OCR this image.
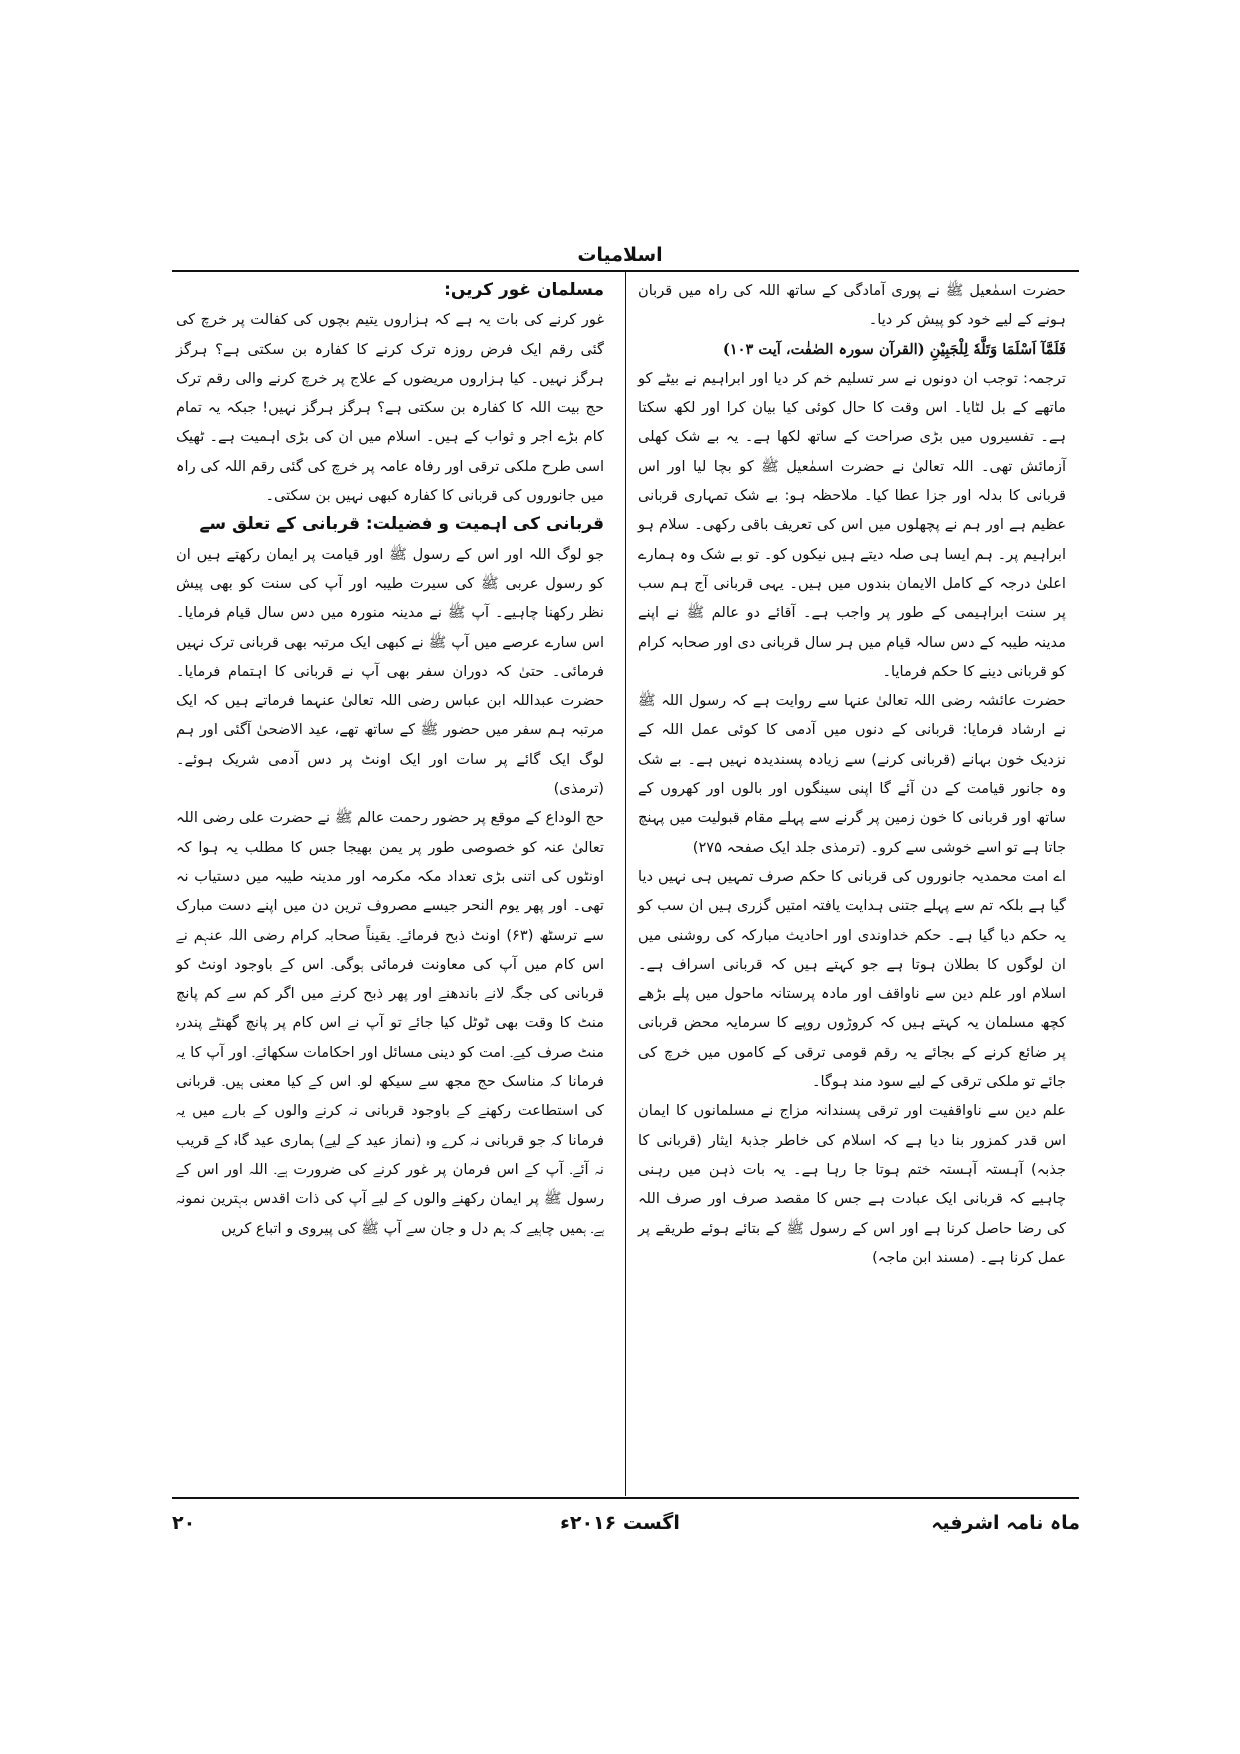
اسلامیات

حضرت اسمٰعیل ﷺ نے پوری آمادگی کے ساتھ اللہ کی راہ میں قربان ہونے کے لیے خود کو پیش کر دیا۔

فَلَمَّآ اَسْلَمَا وَتَلَّهٗ لِلْجَبِيْنِ (القرآن سورہ الصٰفٰت، آیت ۱۰۳)

ترجمہ: توجب ان دونوں نے سر تسلیم خم کر دیا اور ابراہیم نے بیٹے کو ماتھے کے بل لٹایا۔ اس وقت کا حال کوئی کیا بیان کرا اور لکھ سکتا ہے۔ تفسیروں میں بڑی صراحت کے ساتھ لکھا ہے۔ یہ بے شک کھلی آزمائش تھی۔ اللہ تعالیٰ نے حضرت اسمٰعیل ﷺ کو بچا لیا اور اس قربانی کا بدلہ اور جزا عطا کیا۔ ملاحظہ ہو: بے شک تمہاری قربانی عظیم ہے اور ہم نے پچھلوں میں اس کی تعریف باقی رکھی۔ سلام ہو ابراہیم پر۔ ہم ایسا ہی صلہ دیتے ہیں نیکوں کو۔ تو بے شک وہ ہمارے اعلیٰ درجہ کے کامل الایمان بندوں میں ہیں۔ یہی قربانی آج ہم سب پر سنت ابراہیمی کے طور پر واجب ہے۔ آقائے دو عالم ﷺ نے اپنے مدینہ طیبہ کے دس سالہ قیام میں ہر سال قربانی دی اور صحابہ کرام کو قربانی دینے کا حکم فرمایا۔

حضرت عائشہ رضی اللہ تعالیٰ عنہا سے روایت ہے کہ رسول اللہ ﷺ نے ارشاد فرمایا: قربانی کے دنوں میں آدمی کا کوئی عمل اللہ کے نزدیک خون بہانے (قربانی کرنے) سے زیادہ پسندیدہ نہیں ہے۔ بے شک وہ جانور قیامت کے دن آئے گا اپنی سینگوں اور بالوں اور کھروں کے ساتھ اور قربانی کا خون زمین پر گرنے سے پہلے مقام قبولیت میں پہنچ جاتا ہے تو اسے خوشی سے کرو۔ (ترمذی جلد ایک صفحہ ۲۷۵)

اے امت محمدیہ جانوروں کی قربانی کا حکم صرف تمہیں ہی نہیں دیا گیا ہے بلکہ تم سے پہلے جتنی ہدایت یافتہ امتیں گزری ہیں ان سب کو یہ حکم دیا گیا ہے۔ حکم خداوندی اور احادیث مبارکہ کی روشنی میں ان لوگوں کا بطلان ہوتا ہے جو کہتے ہیں کہ قربانی اسراف ہے۔ اسلام اور علم دین سے ناواقف اور مادہ پرستانہ ماحول میں پلے بڑھے کچھ مسلمان یہ کہتے ہیں کہ کروڑوں روپے کا سرمایہ محض قربانی پر ضائع کرنے کے بجائے یہ رقم قومی ترقی کے کاموں میں خرچ کی جائے تو ملکی ترقی کے لیے سود مند ہوگا۔

علم دین سے ناواقفیت اور ترقی پسندانہ مزاج نے مسلمانوں کا ایمان اس قدر کمزور بنا دیا ہے کہ اسلام کی خاطر جذبۂ ایثار (قربانی کا جذبہ) آہستہ آہستہ ختم ہوتا جا رہا ہے۔ یہ بات ذہن میں رہنی چاہیے کہ قربانی ایک عبادت ہے جس کا مقصد صرف اور صرف اللہ کی رضا حاصل کرنا ہے اور اس کے رسول ﷺ کے بتائے ہوئے طریقے پر عمل کرنا ہے۔ (مسند ابن ماجہ)

مسلمان غور کریں:

غور کرنے کی بات یہ ہے کہ ہزاروں یتیم بچوں کی کفالت پر خرچ کی گئی رقم ایک فرض روزہ ترک کرنے کا کفارہ بن سکتی ہے؟ ہرگز ہرگز نہیں۔ کیا ہزاروں مریضوں کے علاج پر خرچ کرنے والی رقم ترک حج بیت اللہ کا کفارہ بن سکتی ہے؟ ہرگز ہرگز نہیں! جبکہ یہ تمام کام بڑے اجر و ثواب کے ہیں۔ اسلام میں ان کی بڑی اہمیت ہے۔ ٹھیک اسی طرح ملکی ترقی اور رفاہ عامہ پر خرچ کی گئی رقم اللہ کی راہ میں جانوروں کی قربانی کا کفارہ کبھی نہیں بن سکتی۔

قربانی کی اہمیت و فضیلت: قربانی کے تعلق سے

جو لوگ اللہ اور اس کے رسول ﷺ اور قیامت پر ایمان رکھتے ہیں ان کو رسول عربی ﷺ کی سیرت طیبہ اور آپ کی سنت کو بھی پیش نظر رکھنا چاہیے۔ آپ ﷺ نے مدینہ منورہ میں دس سال قیام فرمایا۔ اس سارے عرصے میں آپ ﷺ نے کبھی ایک مرتبہ بھی قربانی ترک نہیں فرمائی۔ حتیٰ کہ دوران سفر بھی آپ نے قربانی کا اہتمام فرمایا۔ حضرت عبداللہ ابن عباس رضی اللہ تعالیٰ عنہما فرماتے ہیں کہ ایک مرتبہ ہم سفر میں حضور ﷺ کے ساتھ تھے، عید الاضحیٰ آگئی اور ہم لوگ ایک گائے پر سات اور ایک اونٹ پر دس آدمی شریک ہوئے۔ (ترمذی)

حج الوداع کے موقع پر حضور رحمت عالم ﷺ نے حضرت علی رضی اللہ تعالیٰ عنہ کو خصوصی طور پر یمن بھیجا جس کا مطلب یہ ہوا کہ اونٹوں کی اتنی بڑی تعداد مکہ مکرمہ اور مدینہ طیبہ میں دستیاب نہ تھی۔ اور پھر یوم النحر جیسے مصروف ترین دن میں اپنے دست مبارک سے ترسٹھ (۶۳) اونٹ ذبح فرمائے۔ یقیناً صحابہ کرام رضی اللہ عنہم نے اس کام میں آپ کی معاونت فرمائی ہوگی۔ اس کے باوجود اونٹ کو قربانی کی جگہ لانے باندھنے اور پھر ذبح کرنے میں اگر کم سے کم پانچ منٹ کا وقت بھی ٹوٹل کیا جائے تو آپ نے اس کام پر پانچ گھنٹے پندرہ منٹ صرف کیے۔ امت کو دینی مسائل اور احکامات سکھائے۔ اور آپ کا یہ فرمانا کہ مناسک حج مجھ سے سیکھ لو۔ اس کے کیا معنی ہیں۔ قربانی کی استطاعت رکھنے کے باوجود قربانی نہ کرنے والوں کے بارے میں یہ فرمانا کہ جو قربانی نہ کرے وہ (نماز عید کے لیے) ہماری عید گاہ کے قریب نہ آئے۔ آپ کے اس فرمان پر غور کرنے کی ضرورت ہے۔ اللہ اور اس کے رسول ﷺ پر ایمان رکھنے والوں کے لیے آپ کی ذات اقدس بہترین نمونہ ہے۔ ہمیں چاہیے کہ ہم دل و جان سے آپ ﷺ کی پیروی و اتباع کریں

ماہ نامہ اشرفیہ
اگست ۲۰۱۶ء
۲۰
